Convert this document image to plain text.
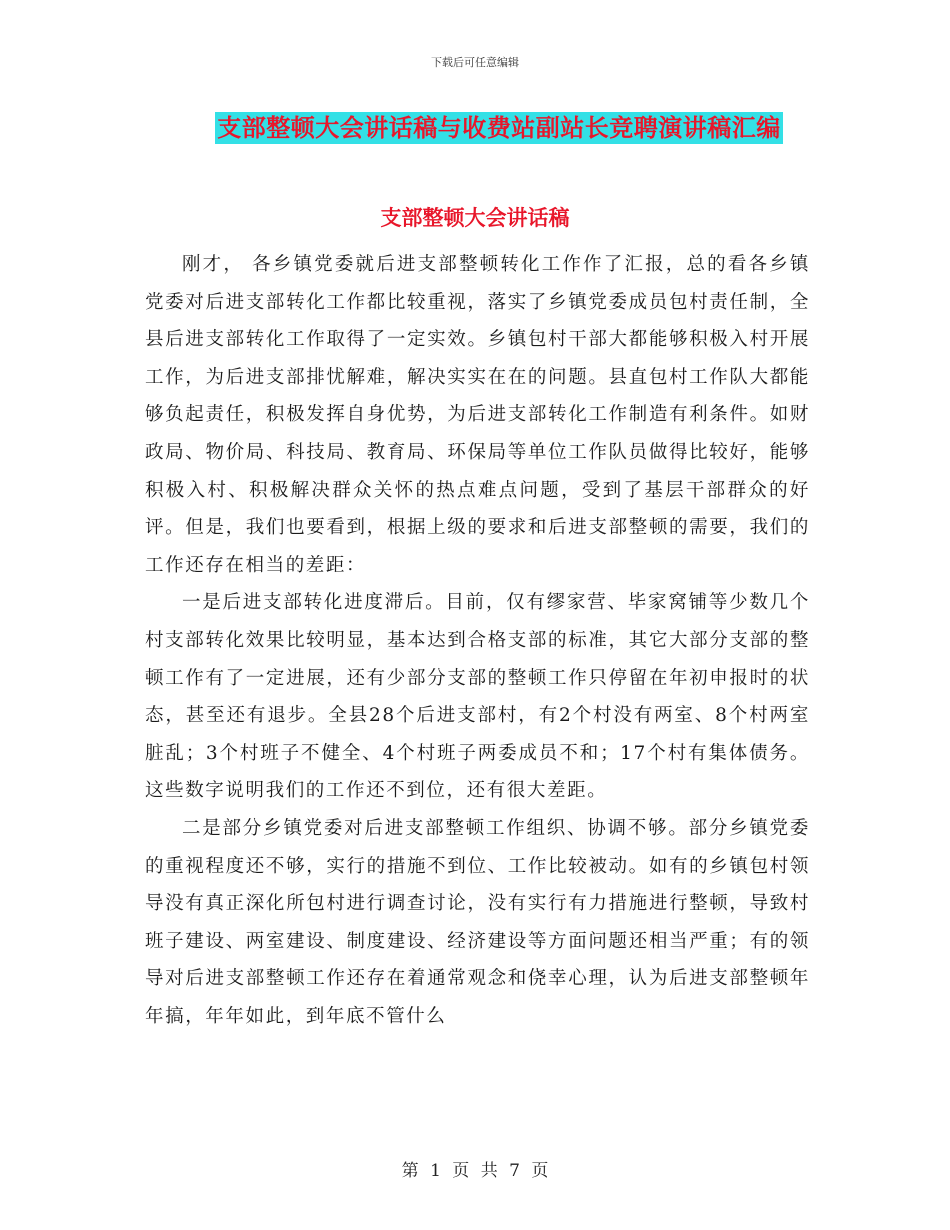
下载后可任意编辑
支部整顿大会讲话稿与收费站副站长竞聘演讲稿汇编
支部整顿大会讲话稿

刚才， 各乡镇党委就后进支部整顿转化工作作了汇报，总的看各乡镇党委对后进支部转化工作都比较重视，落实了乡镇党委成员包村责任制，全县后进支部转化工作取得了一定实效。乡镇包村干部大都能够积极入村开展工作，为后进支部排忧解难，解决实实在在的问题。县直包村工作队大都能够负起责任，积极发挥自身优势，为后进支部转化工作制造有利条件。如财政局、物价局、科技局、教育局、环保局等单位工作队员做得比较好，能够积极入村、积极解决群众关怀的热点难点问题，受到了基层干部群众的好评。但是，我们也要看到，根据上级的要求和后进支部整顿的需要，我们的工作还存在相当的差距：

一是后进支部转化进度滞后。目前，仅有缪家营、毕家窝铺等少数几个村支部转化效果比较明显，基本达到合格支部的标准，其它大部分支部的整顿工作有了一定进展，还有少部分支部的整顿工作只停留在年初申报时的状态，甚至还有退步。全县28个后进支部村，有2个村没有两室、8个村两室脏乱；3个村班子不健全、4个村班子两委成员不和；17个村有集体债务。这些数字说明我们的工作还不到位，还有很大差距。

二是部分乡镇党委对后进支部整顿工作组织、协调不够。部分乡镇党委的重视程度还不够，实行的措施不到位、工作比较被动。如有的乡镇包村领导没有真正深化所包村进行调查讨论，没有实行有力措施进行整顿，导致村班子建设、两室建设、制度建设、经济建设等方面问题还相当严重；有的领导对后进支部整顿工作还存在着通常观念和侥幸心理，认为后进支部整顿年年搞，年年如此，到年底不管什么

第 1 页 共 7 页
